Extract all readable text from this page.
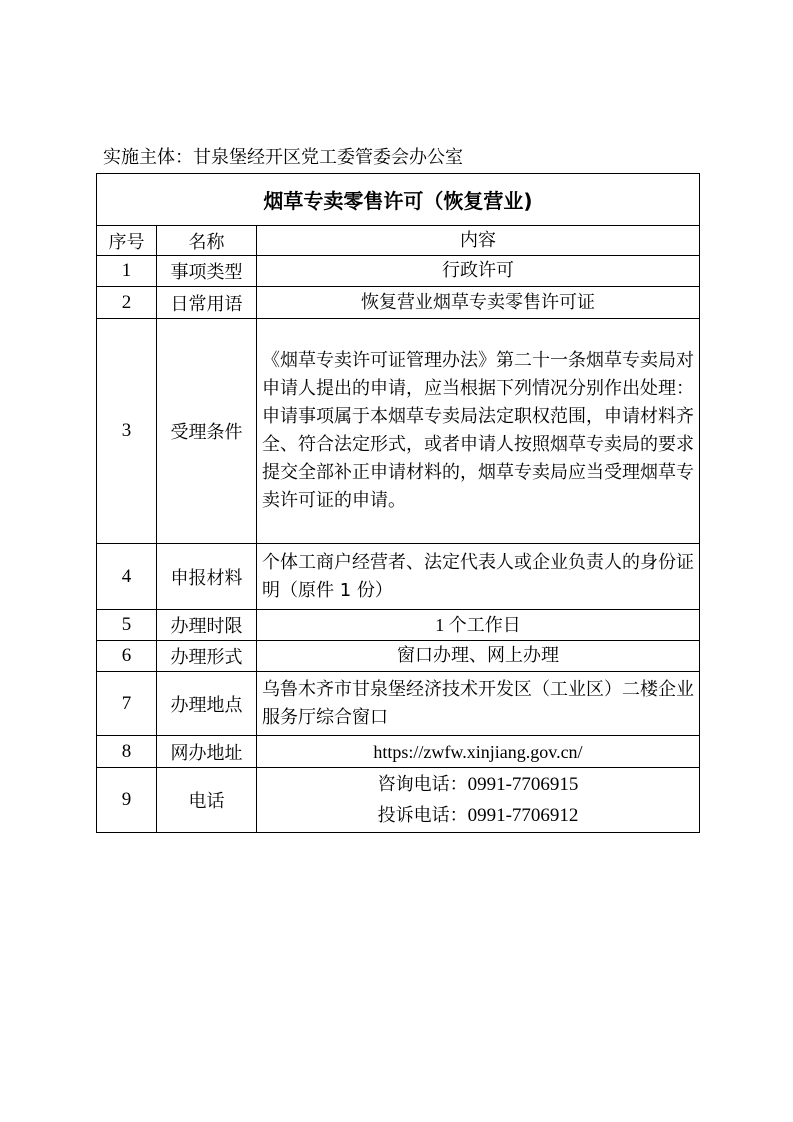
实施主体：甘泉堡经开区党工委管委会办公室
烟草专卖零售许可（恢复营业)		
序号	名称	内容
1	事项类型	行政许可
2	日常用语	恢复营业烟草专卖零售许可证
3	受理条件	《烟草专卖许可证管理办法》第二十一条烟草专卖局对申请人提出的申请，应当根据下列情况分别作出处理：申请事项属于本烟草专卖局法定职权范围，申请材料齐全、符合法定形式，或者申请人按照烟草专卖局的要求提交全部补正申请材料的，烟草专卖局应当受理烟草专卖许可证的申请。
4	申报材料	个体工商户经营者、法定代表人或企业负责人的身份证明（原件 1 份）
5	办理时限	1 个工作日
6	办理形式	窗口办理、网上办理
7	办理地点	乌鲁木齐市甘泉堡经济技术开发区（工业区）二楼企业服务厅综合窗口
8	网办地址	https://zwfw.xinjiang.gov.cn/
9	电话	咨询电话：0991-7706915
投诉电话：0991-7706912
